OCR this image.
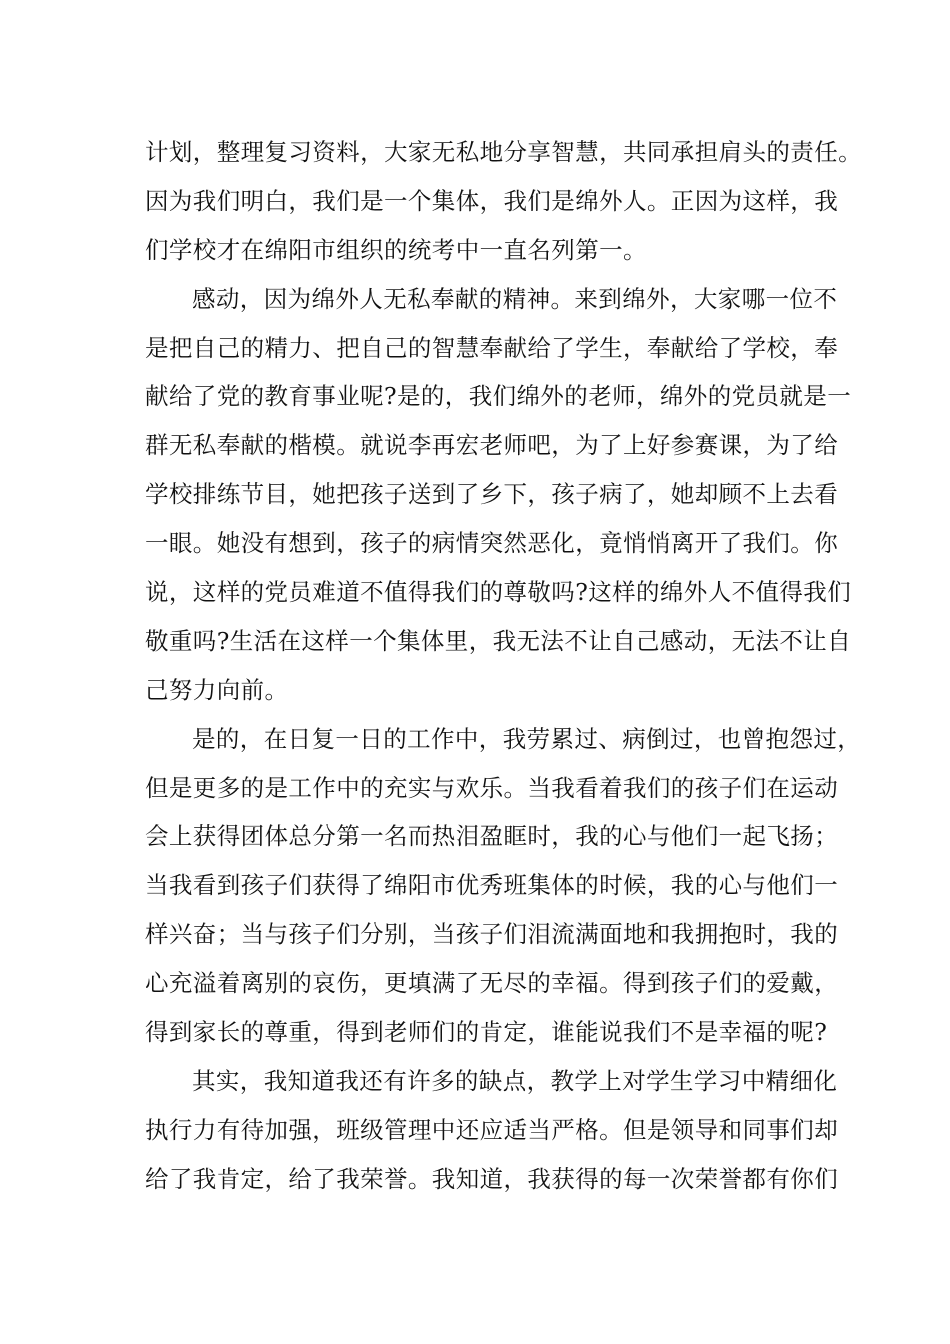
计划，整理复习资料，大家无私地分享智慧，共同承担肩头的责任。
因为我们明白，我们是一个集体，我们是绵外人。正因为这样，我
们学校才在绵阳市组织的统考中一直名列第一。
感动，因为绵外人无私奉献的精神。来到绵外，大家哪一位不
是把自己的精力、把自己的智慧奉献给了学生，奉献给了学校，奉
献给了党的教育事业呢?是的，我们绵外的老师，绵外的党员就是一
群无私奉献的楷模。就说李再宏老师吧，为了上好参赛课，为了给
学校排练节目，她把孩子送到了乡下，孩子病了，她却顾不上去看
一眼。她没有想到，孩子的病情突然恶化，竟悄悄离开了我们。你
说，这样的党员难道不值得我们的尊敬吗?这样的绵外人不值得我们
敬重吗?生活在这样一个集体里，我无法不让自己感动，无法不让自
己努力向前。
是的，在日复一日的工作中，我劳累过、病倒过，也曾抱怨过，
但是更多的是工作中的充实与欢乐。当我看着我们的孩子们在运动
会上获得团体总分第一名而热泪盈眶时，我的心与他们一起飞扬；
当我看到孩子们获得了绵阳市优秀班集体的时候，我的心与他们一
样兴奋；当与孩子们分别，当孩子们泪流满面地和我拥抱时，我的
心充溢着离别的哀伤，更填满了无尽的幸福。得到孩子们的爱戴，
得到家长的尊重，得到老师们的肯定，谁能说我们不是幸福的呢?
其实，我知道我还有许多的缺点，教学上对学生学习中精细化
执行力有待加强，班级管理中还应适当严格。但是领导和同事们却
给了我肯定，给了我荣誉。我知道，我获得的每一次荣誉都有你们
